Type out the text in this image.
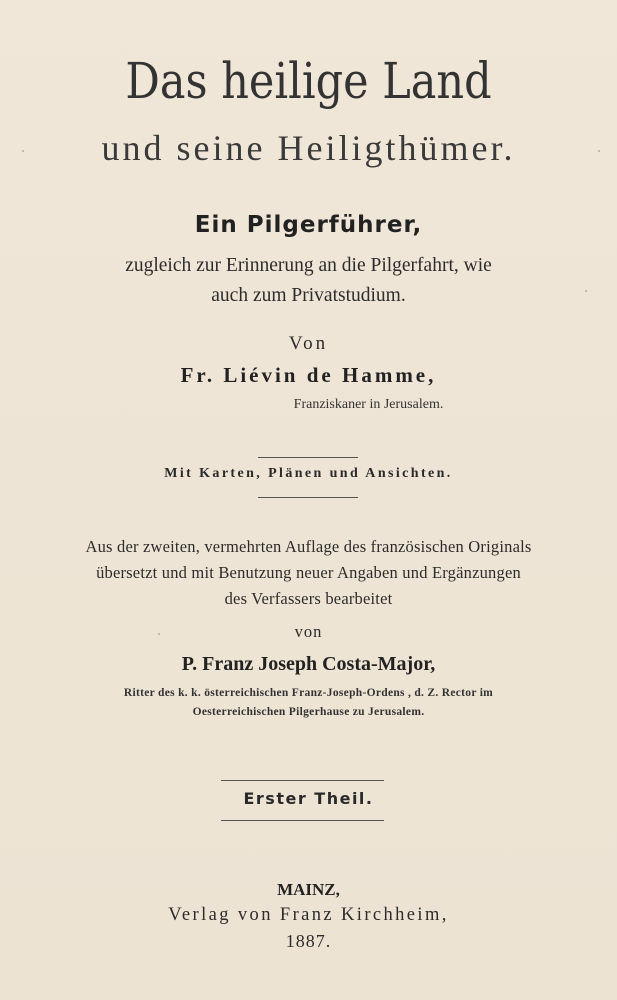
Das heilige Land
und seine Heiligthümer.
Ein Pilgerführer,
zugleich zur Erinnerung an die Pilgerfahrt, wie
auch zum Privatstudium.
Von
Fr. Liévin de Hamme,
Franziskaner in Jerusalem.
Mit Karten, Plänen und Ansichten.
Aus der zweiten, vermehrten Auflage des französischen Originals
übersetzt und mit Benutzung neuer Angaben und Ergänzungen
des Verfassers bearbeitet
von
P. Franz Joseph Costa-Major,
Ritter des k. k. österreichischen Franz-Joseph-Ordens , d. Z. Rector im
Oesterreichischen Pilgerhause zu Jerusalem.
Erster Theil.
MAINZ,
Verlag von Franz Kirchheim,
1887.
